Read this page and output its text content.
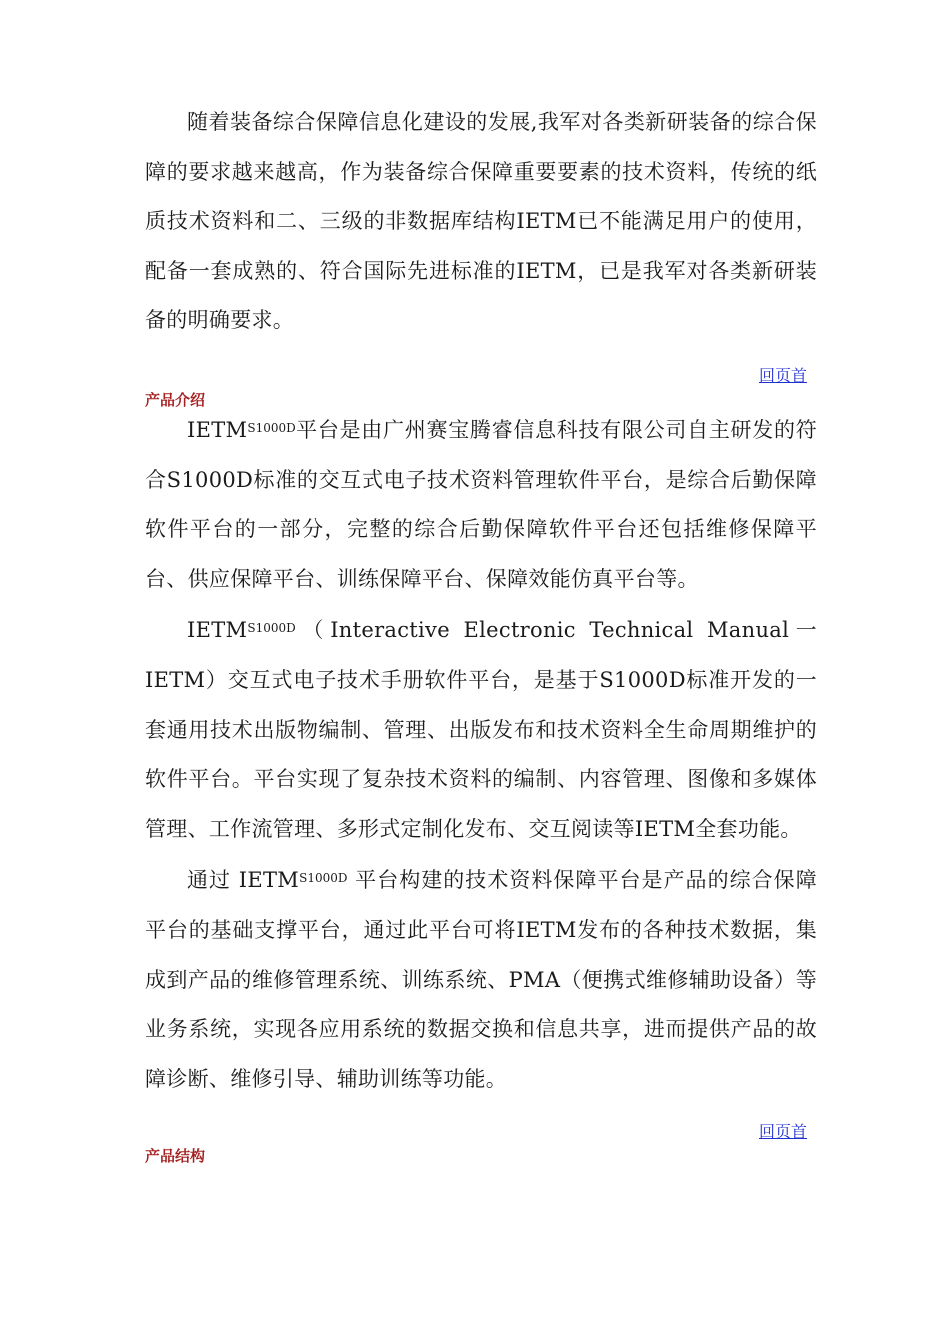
随着装备综合保障信息化建设的发展,我军对各类新研装备的综合保障的要求越来越高，作为装备综合保障重要要素的技术资料，传统的纸质技术资料和二、三级的非数据库结构IETM已不能满足用户的使用，配备一套成熟的、符合国际先进标准的IETM，已是我军对各类新研装备的明确要求。

回页首
产品介绍

$IETM^{S1000D}$平台是由广州赛宝腾睿信息科技有限公司自主研发的符合S1000D标准的交互式电子技术资料管理软件平台，是综合后勤保障软件平台的一部分，完整的综合后勤保障软件平台还包括维修保障平台、供应保障平台、训练保障平台、保障效能仿真平台等。

$IETM^{S1000D}(Interactive$ Electronic Technical Manual一IETM）交互式电子技术手册软件平台，是基于S1000D标准开发的一套通用技术出版物编制、管理、出版发布和技术资料全生命周期维护的软件平台。平台实现了复杂技术资料的编制、内容管理、图像和多媒体管理、工作流管理、多形式定制化发布、交互阅读等IETM全套功能。

通过 $IETM^{S1000D}$ 平台构建的技术资料保障平台是产品的综合保障平台的基础支撑平台，通过此平台可将IETM发布的各种技术数据，集成到产品的维修管理系统、训练系统、PMA（便携式维修辅助设备）等业务系统，实现各应用系统的数据交换和信息共享，进而提供产品的故障诊断、维修引导、辅助训练等功能。

回页首
产品结构
